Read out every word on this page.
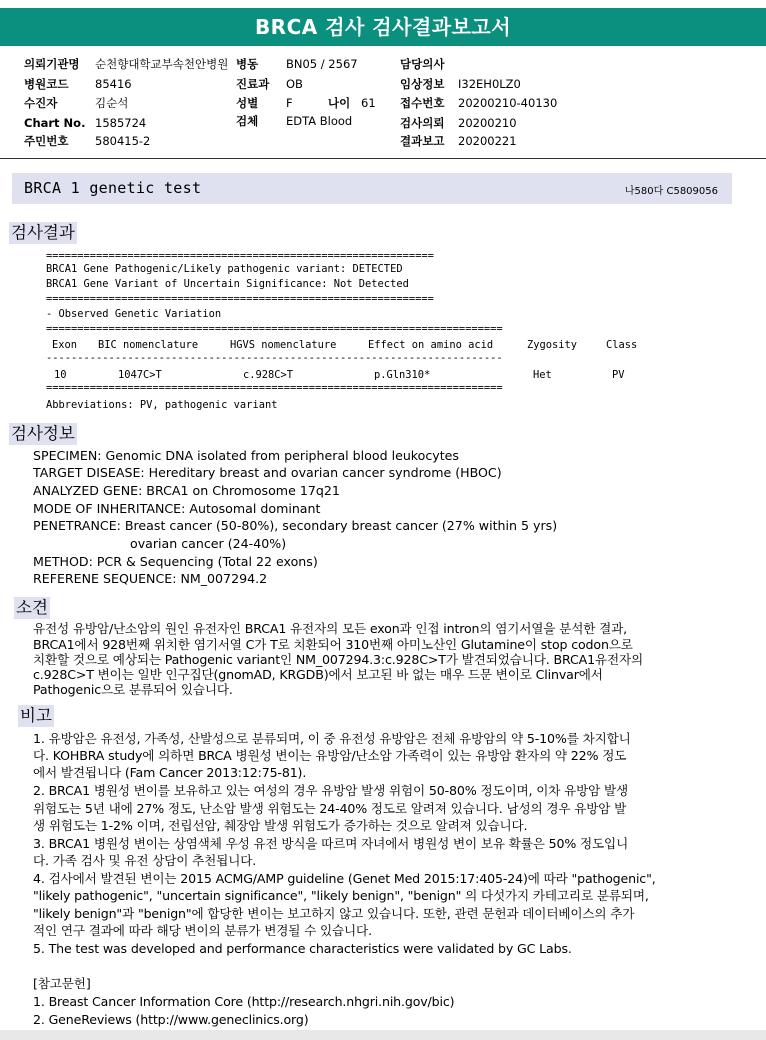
BRCA 검사 검사결과보고서
의뢰기관명 순천향대학교부속천안병원 병동 BN05 / 2567	담당의사
병원코드 85416	진료과 OB	임상정보 I32EH0LZ0
수진자	김순석	성별 F	나이 61 접수번호 20200210-40130
Chart No. 1585724	검체 EDTA Blood	검사의뢰 20200210
주민번호 580415-2	결과보고 20200221
BRCA 1 genetic test	나580다 C5809056
검사결과
==============================================================
BRCA1 Gene Pathogenic/Likely pathogenic variant: DETECTED
BRCA1 Gene Variant of Uncertain Significance: Not Detected
==============================================================
- Observed Genetic Variation
=========================================================================
Exon BIC nomenclature	HGVS nomenclature	Effect on amino acid	Zygosity	Class
-------------------------------------------------------------------------
10	1047C>T	c.928C>T	p.Gln310*	Het	PV
=========================================================================
Abbreviations: PV, pathogenic variant
검사정보
SPECIMEN: Genomic DNA isolated from peripheral blood leukocytes
TARGET DISEASE: Hereditary breast and ovarian cancer syndrome (HBOC)
ANALYZED GENE: BRCA1 on Chromosome 17q21
MODE OF INHERITANCE: Autosomal dominant
PENETRANCE: Breast cancer (50-80%), secondary breast cancer (27% within 5 yrs)
ovarian cancer (24-40%)
METHOD: PCR & Sequencing (Total 22 exons)
REFERENE SEQUENCE: NM_007294.2
소견
유전성 유방암/난소암의 원인 유전자인 BRCA1 유전자의 모든 exon과 인접 intron의 염기서열을 분석한 결과,
BRCA1에서 928번째 위치한 염기서열 C가 T로 치환되어 310번째 아미노산인 Glutamine이 stop codon으로
치환할 것으로 예상되는 Pathogenic variant인 NM_007294.3:c.928C>T가 발견되었습니다. BRCA1유전자의
c.928C>T 변이는 일반 인구집단(gnomAD, KRGDB)에서 보고된 바 없는 매우 드문 변이로 Clinvar에서
Pathogenic으로 분류되어 있습니다.
비고
1. 유방암은 유전성, 가족성, 산발성으로 분류되며, 이 중 유전성 유방암은 전체 유방암의 약 5-10%를 차지합니
다. KOHBRA study에 의하면 BRCA 병원성 변이는 유방암/난소암 가족력이 있는 유방암 환자의 약 22% 정도
에서 발견됩니다 (Fam Cancer 2013:12:75-81).
2. BRCA1 병원성 변이를 보유하고 있는 여성의 경우 유방암 발생 위험이 50-80% 정도이며, 이차 유방암 발생
위험도는 5년 내에 27% 정도, 난소암 발생 위험도는 24-40% 정도로 알려져 있습니다. 남성의 경우 유방암 발
생 위험도는 1-2% 이며, 전립선암, 췌장암 발생 위험도가 증가하는 것으로 알려져 있습니다.
3. BRCA1 병원성 변이는 상염색체 우성 유전 방식을 따르며 자녀에서 병원성 변이 보유 확률은 50% 정도입니
다. 가족 검사 및 유전 상담이 추천됩니다.
4. 검사에서 발견된 변이는 2015 ACMG/AMP guideline (Genet Med 2015:17:405-24)에 따라 "pathogenic",
"likely pathogenic", "uncertain significance", "likely benign", "benign" 의 다섯가지 카테고리로 분류되며,
"likely benign"과 "benign"에 합당한 변이는 보고하지 않고 있습니다. 또한, 관련 문헌과 데이터베이스의 추가
적인 연구 결과에 따라 해당 변이의 분류가 변경될 수 있습니다.
5. The test was developed and performance characteristics were validated by GC Labs.
[참고문헌]
1. Breast Cancer Information Core (http://research.nhgri.nih.gov/bic)
2. GeneReviews (http://www.geneclinics.org)
